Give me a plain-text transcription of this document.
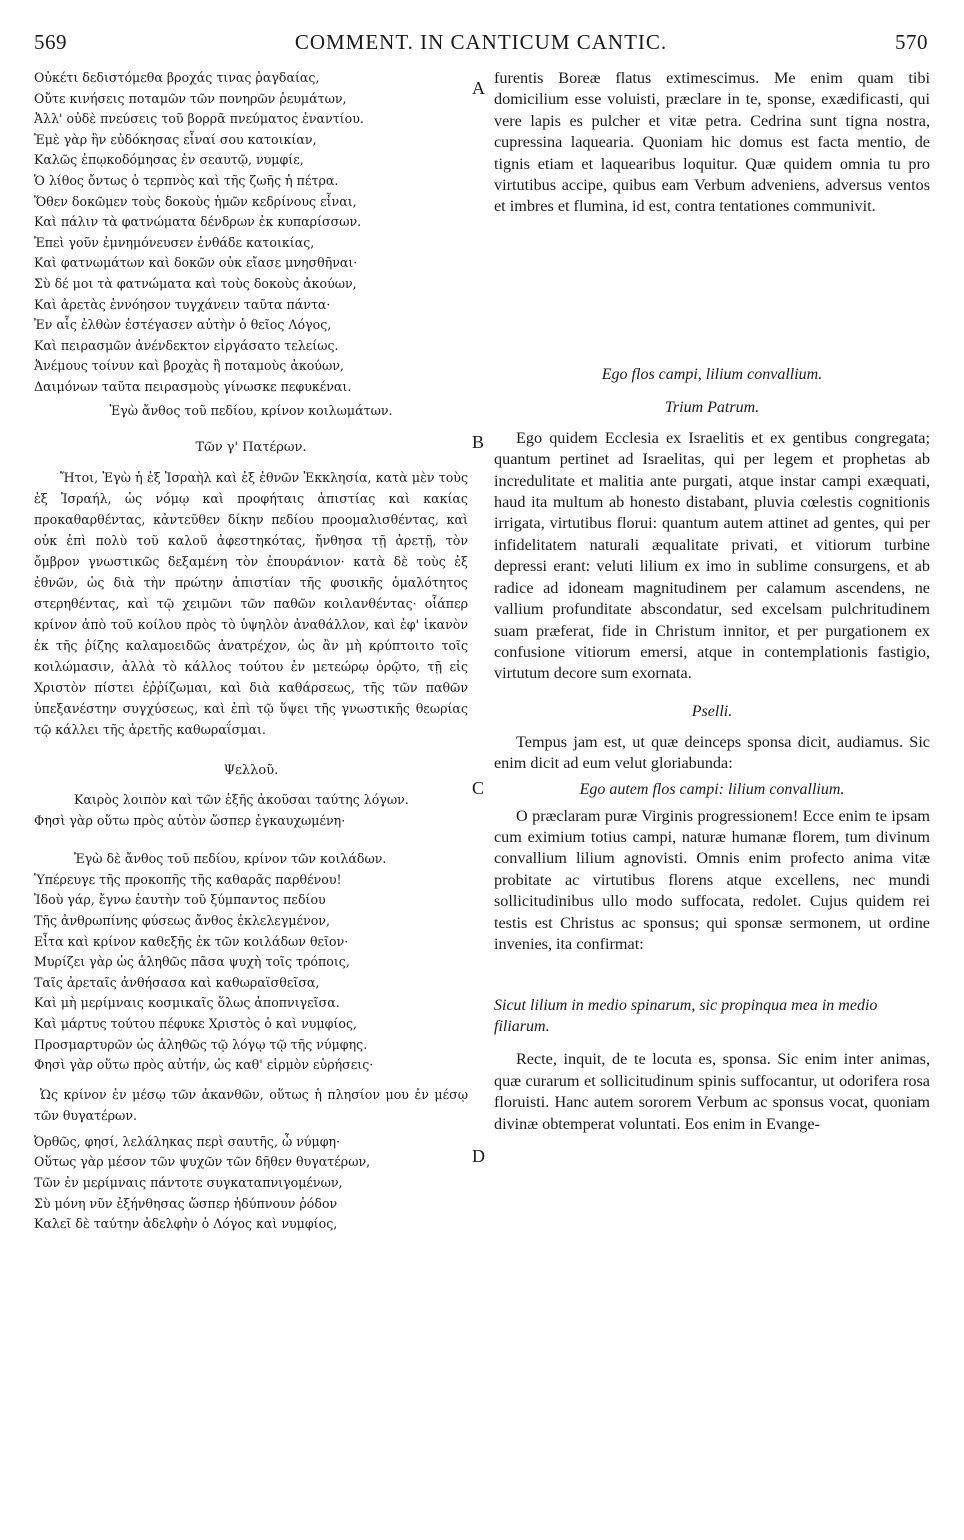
569	COMMENT. IN CANTICUM CANTIC.	570
A
B
C
D
Οὐκέτι δεδιστόμεθα βροχάς τινας ῥαγδαίας,
Οὔτε κινήσεις ποταμῶν τῶν πονηρῶν ῥευμάτων,
Ἀλλ' οὐδὲ πνεύσεις τοῦ βορρᾶ πνεύματος ἐναντίου.
Ἐμὲ γὰρ ἣν εὐδόκησας εἶναί σου κατοικίαν,
Καλῶς ἐπῳκοδόμησας ἐν σεαυτῷ, νυμφίε,
Ὁ λίθος ὄντως ὁ τερπνὸς καὶ τῆς ζωῆς ἡ πέτρα.
Ὅθεν δοκῶμεν τοὺς δοκοὺς ἡμῶν κεδρίνους εἶναι,
Καὶ πάλιν τὰ φατνώματα δένδρων ἐκ κυπαρίσσων.
Ἐπεὶ γοῦν ἐμνημόνευσεν ἐνθάδε κατοικίας,
Καὶ φατνωμάτων καὶ δοκῶν οὐκ εἴασε μνησθῆναι·
Σὺ δέ μοι τὰ φατνώματα καὶ τοὺς δοκοὺς ἀκούων,
Καὶ ἀρετὰς ἐννόησον τυγχάνειν ταῦτα πάντα·
Ἐν αἷς ἐλθὼν ἐστέγασεν αὐτὴν ὁ θεῖος Λόγος,
Καὶ πειρασμῶν ἀνένδεκτον εἰργάσατο τελείως.
Ἀνέμους τοίνυν καὶ βροχὰς ἢ ποταμοὺς ἀκούων,
Δαιμόνων ταῦτα πειρασμοὺς γίνωσκε πεφυκέναι.
Ἐγὼ ἄνθος τοῦ πεδίου, κρίνον κοιλωμάτων.
Τῶν γ' Πατέρων.

Ἤτοι, Ἐγὼ ἡ ἐξ Ἰσραὴλ καὶ ἐξ ἐθνῶν Ἐκκλησία, κατὰ μὲν τοὺς ἐξ Ἰσραήλ, ὡς νόμῳ καὶ προφήταις ἀπιστίας καὶ κακίας προκαθαρθέντας, κἀντεῦθεν δίκην πεδίου προομαλισθέντας, καὶ οὐκ ἐπὶ πολὺ τοῦ καλοῦ ἀφεστηκότας, ἤνθησα τῇ ἀρετῇ, τὸν ὄμβρον γνωστικῶς δεξαμένη τὸν ἐπουράνιον· κατὰ δὲ τοὺς ἐξ ἐθνῶν, ὡς διὰ τὴν πρώτην ἀπιστίαν τῆς φυσικῆς ὁμαλότητος στερηθέντας, καὶ τῷ χειμῶνι τῶν παθῶν κοιλανθέντας· οἷάπερ κρίνον ἀπὸ τοῦ κοίλου πρὸς τὸ ὑψηλὸν ἀναθάλλον, καὶ ἐφ' ἱκανὸν ἐκ τῆς ῥίζης καλαμοειδῶς ἀνατρέχον, ὡς ἂν μὴ κρύπτοιτο τοῖς κοιλώμασιν, ἀλλὰ τὸ κάλλος τούτου ἐν μετεώρῳ ὁρῷτο, τῇ εἰς Χριστὸν πίστει ἐῤῥίζωμαι, καὶ διὰ καθάρσεως, τῆς τῶν παθῶν ὑπεξανέστην συγχύσεως, καὶ ἐπὶ τῷ ὕψει τῆς γνωστικῆς θεωρίας τῷ κάλλει τῆς ἀρετῆς καθωραΐσμαι.

Ψελλοῦ.
Καιρὸς λοιπὸν καὶ τῶν ἑξῆς ἀκοῦσαι ταύτης λόγων.
Φησὶ γὰρ οὕτω πρὸς αὐτὸν ὥσπερ ἐγκαυχωμένη·
Ἐγὼ δὲ ἄνθος τοῦ πεδίου, κρίνον τῶν κοιλάδων.
Ὑπέρευγε τῆς προκοπῆς τῆς καθαρᾶς παρθένου!
Ἰδοὺ γάρ, ἔγνω ἑαυτὴν τοῦ ξύμπαντος πεδίου
Τῆς ἀνθρωπίνης φύσεως ἄνθος ἐκλελεγμένον,
Εἶτα καὶ κρίνον καθεξῆς ἐκ τῶν κοιλάδων θεῖον·
Μυρίζει γὰρ ὡς ἀληθῶς πᾶσα ψυχὴ τοῖς τρόποις,
Ταῖς ἀρεταῖς ἀνθήσασα καὶ καθωραϊσθεῖσα,
Καὶ μὴ μερίμναις κοσμικαῖς ὅλως ἀποπνιγεῖσα.
Καὶ μάρτυς τούτου πέφυκε Χριστὸς ὁ καὶ νυμφίος,
Προσμαρτυρῶν ὡς ἀληθῶς τῷ λόγῳ τῷ τῆς νύμφης.
Φησὶ γὰρ οὕτω πρὸς αὐτήν, ὡς καθ' εἱρμὸν εὑρήσεις·

Ὡς κρίνον ἐν μέσῳ τῶν ἀκανθῶν, οὕτως ἡ πλησίον μου ἐν μέσῳ τῶν θυγατέρων.

Ὀρθῶς, φησί, λελάληκας περὶ σαυτῆς, ὦ νύμφη·
Οὕτως γὰρ μέσον τῶν ψυχῶν τῶν δῆθεν θυγατέρων,
Τῶν ἐν μερίμναις πάντοτε συγκαταπνιγομένων,
Σὺ μόνη νῦν ἐξήνθησας ὥσπερ ἡδύπνουν ῥόδον
Καλεῖ δὲ ταύτην ἀδελφὴν ὁ Λόγος καὶ νυμφίος,

furentis Boreæ flatus extimescimus. Me enim quam tibi domicilium esse voluisti, præclare in te, sponse, exædificasti, qui vere lapis es pulcher et vitæ petra. Cedrina sunt tigna nostra, cupressina laquearia. Quoniam hic domus est facta mentio, de tignis etiam et laquearibus loquitur. Quæ quidem omnia tu pro virtutibus accipe, quibus eam Verbum adveniens, adversus ventos et imbres et flumina, id est, contra tentationes communivit.

Ego flos campi, lilium convallium.
Trium Patrum.

Ego quidem Ecclesia ex Israelitis et ex gentibus congregata; quantum pertinet ad Israelitas, qui per legem et prophetas ab incredulitate et malitia ante purgati, atque instar campi exæquati, haud ita multum ab honesto distabant, pluvia cœlestis cognitionis irrigata, virtutibus florui: quantum autem attinet ad gentes, qui per infidelitatem naturali æqualitate privati, et vitiorum turbine depressi erant: veluti lilium ex imo in sublime consurgens, et ab radice ad idoneam magnitudinem per calamum ascendens, ne vallium profunditate abscondatur, sed excelsam pulchritudinem suam præferat, fide in Christum innitor, et per purgationem ex confusione vitiorum emersi, atque in contemplationis fastigio, virtutum decore sum exornata.

Pselli.

Tempus jam est, ut quæ deinceps sponsa dicit, audiamus. Sic enim dicit ad eum velut gloriabunda:

Ego autem flos campi: lilium convallium.

O præclaram puræ Virginis progressionem! Ecce enim te ipsam cum eximium totius campi, naturæ humanæ florem, tum divinum convallium lilium agnovisti. Omnis enim profecto anima vitæ probitate ac virtutibus florens atque excellens, nec mundi sollicitudinibus ullo modo suffocata, redolet. Cujus quidem rei testis est Christus ac sponsus; qui sponsæ sermonem, ut ordine invenies, ita confirmat:

Sicut lilium in medio spinarum, sic propinqua mea in medio filiarum.

Recte, inquit, de te locuta es, sponsa. Sic enim inter animas, quæ curarum et sollicitudinum spinis suffocantur, ut odorifera rosa floruisti. Hanc autem sororem Verbum ac sponsus vocat, quoniam divinæ obtemperat voluntati. Eos enim in Evange-
